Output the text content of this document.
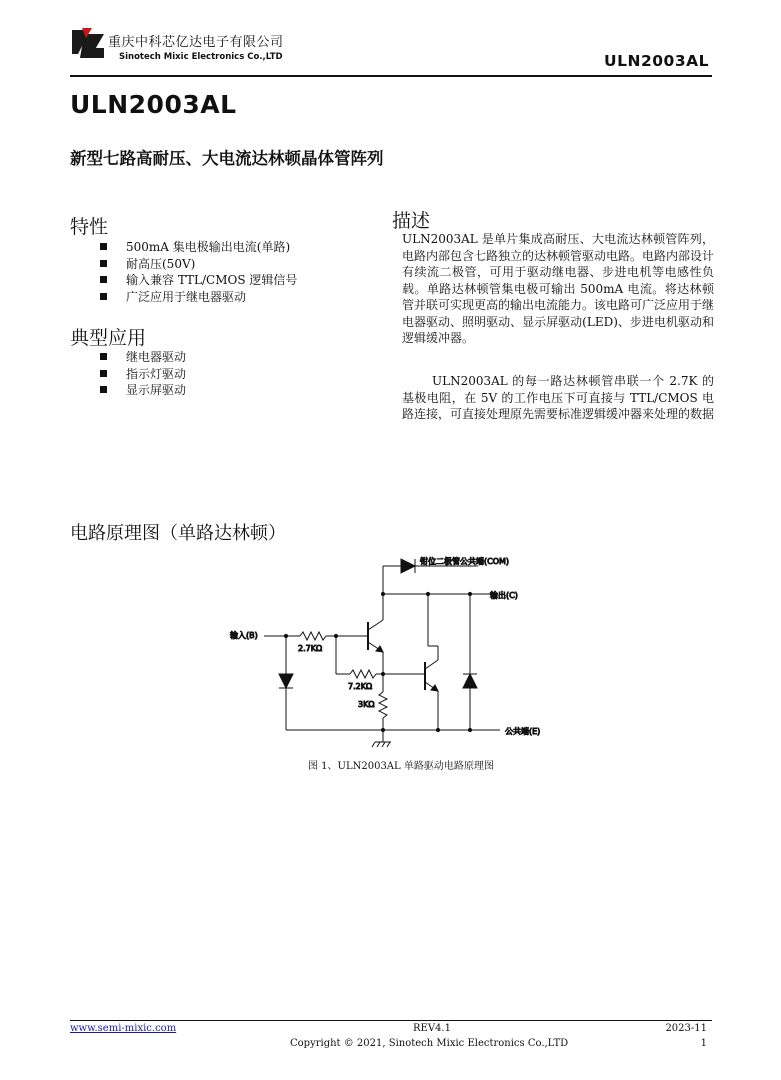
重庆中科芯亿达电子有限公司
Sinotech Mixic Electronics Co.,LTD	ULN2003AL
ULN2003AL
新型七路高耐压、大电流达林顿晶体管阵列
特性
500mA 集电极输出电流(单路)
耐高压(50V)
输入兼容 TTL/CMOS 逻辑信号
广泛应用于继电器驱动
典型应用
继电器驱动
指示灯驱动
显示屏驱动
描述

ULN2003AL 是单片集成高耐压、大电流达林顿管阵列，电路内部包含七路独立的达林顿管驱动电路。电路内部设计有续流二极管，可用于驱动继电器、步进电机等电感性负载。单路达林顿管集电极可输出 500mA 电流。将达林顿管并联可实现更高的输出电流能力。该电路可广泛应用于继电器驱动、照明驱动、显示屏驱动(LED)、步进电机驱动和逻辑缓冲器。

ULN2003AL 的每一路达林顿管串联一个 2.7K 的基极电阻，在 5V 的工作电压下可直接与 TTL/CMOS 电路连接，可直接处理原先需要标准逻辑缓冲器来处理的数据

电路原理图（单路达林顿）
钳位二极管公共端(COM)
输出(C)
输入(B)
2.7KΩ
7.2KΩ
3KΩ
公共端(E)
图 1、ULN2003AL 单路驱动电路原理图
www.semi-mixic.com	REV4.1	2023-11
Copyright © 2021, Sinotech Mixic Electronics Co.,LTD	1
